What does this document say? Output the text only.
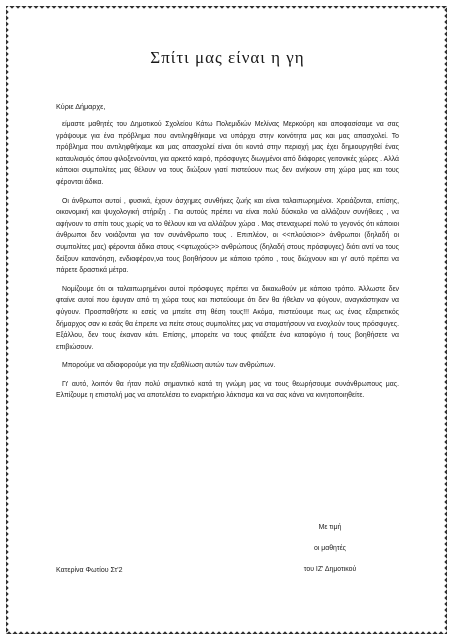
Σπίτι μας είναι η γη

Κύριε Δήμαρχε,

είμαστε μαθητές του Δημοτικού Σχολείου Κάτω Πολεμιδιών Μελίνας Μερκούρη και αποφασίσαμε να σας γράψουμε για ένα πρόβλημα που αντιληφθήκαμε να υπάρχει στην κοινότητα μας και μας απασχολεί. Το πρόβλημα που αντιληφθήκαμε και μας απασχολεί είναι ότι κοντά στην περιοχή μας έχει δημιουργηθεί ένας καταυλισμός όπου φιλοξενούνται, για αρκετό καιρό, πρόσφυγες διωγμένοι από διάφορες γειτονικές χώρες . Αλλά κάποιοι συμπολίτες μας θέλουν να τους διώξουν γιατί πιστεύουν πως δεν ανήκουν στη χώρα μας και τους φέρονται άδικα.

Οι άνθρωποι αυτοί , φυσικά, έχουν άσχημες συνθήκες ζωής και είναι ταλαιπωρημένοι. Χρειάζονται, επίσης, οικονομική και ψυχολογική στήριξη . Για αυτούς πρέπει να είναι πολύ δύσκολο να αλλάζουν συνήθειες , να αφήνουν το σπίτι τους χωρίς να το θέλουν και να αλλάζουν χώρα . Μας στεναχωρεί πολύ το γεγονός ότι κάποιοι άνθρωποι δεν νοιάζονται για τον συνάνθρωπο τους . Επιπλέον, οι <<πλούσιοι>> άνθρωποι (δηλαδή οι συμπολίτες μας) φέρονται άδικα στους <<φτωχούς>> ανθρώπους (δηλαδή στους πρόσφυγες) διότι αντί να τους δείξουν κατανόηση, ενδιαφέρον,να τους βοηθήσουν με κάποιο τρόπο , τους διώχνουν και γι' αυτό πρέπει να πάρετε δραστικά μέτρα.

Νομίζουμε ότι οι ταλαιπωρημένοι αυτοί πρόσφυγες πρέπει να δικαιωθούν με κάποιο τρόπο. Άλλωστε δεν φταίνε αυτοί που έφυγαν από τη χώρα τους και πιστεύουμε ότι δεν θα ήθελαν να φύγουν, αναγκάστηκαν να φύγουν. Προσπαθήστε κι εσείς να μπείτε στη θέση τους!!! Ακόμα, πιστεύουμε πως ως ένας εξαιρετικός δήμαρχος σαν κι εσάς θα έπρεπε να πείτε στους συμπολίτες μας να σταματήσουν να ενοχλούν τους πρόσφυγες. Εξάλλου, δεν τους έκαναν κάτι. Επίσης, μπορείτε να τους φτιάξετε ένα καταφύγιο ή τους βοηθήσετε να επιβιώσουν.

Μπορούμε να αδιαφορούμε για την εξαθλίωση αυτών των ανθρώπων.

Γι' αυτό, λοιπόν θα ήταν πολύ σημαντικό κατά τη γνώμη μας να τους θεωρήσουμε συνάνθρωπους μας. Ελπίζουμε η επιστολή μας να αποτελέσει το εναρκτήριο λάκτισμα και να σας κάνει να κινητοποιηθείτε.

Με τιμή
οι μαθητές
του ΙΖ' Δημοτικού
Κατερίνα Φωτίου Στ'2
